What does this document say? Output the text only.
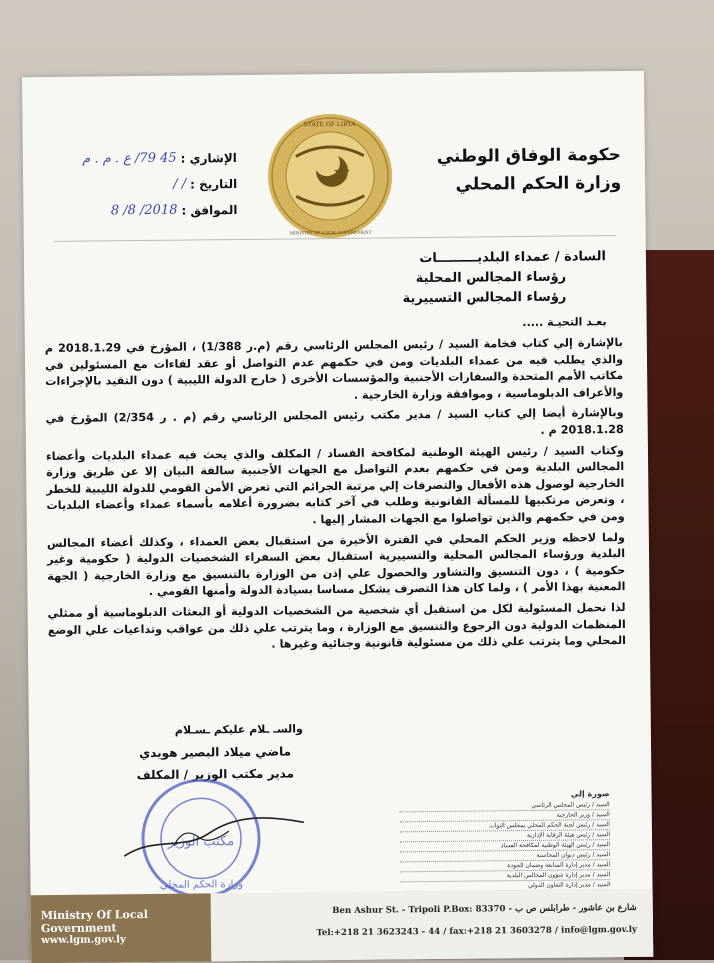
حكومة الوفاق الوطني
وزارة الحكم المحلي
STATE OF LIBYA
MINISTRY OF LOCAL GOVERNMENT
الإشاري :
45 79/ ع . م . م
التاريخ :
/ /
الموافق :
2018/ 8/ 8
السادة / عمداء البلديـــــــــات
رؤساء المجالس المحلية
رؤساء المجالس التسييرية
بعـد التحيـة .....

بالإشارة إلي كتاب فخامة السيد / رئيس المجلس الرئاسي رقم (م.ر 1/388) ، المؤرخ في 2018.1.29 م والذي يطلب فيه من عمداء البلديات ومن في حكمهم عدم التواصل أو عقد لقاءات مع المسئولين في مكاتب الأمم المتحدة والسفارات الأجنبية والمؤسسات الأخرى ( خارج الدولة الليبية ) دون التقيد بالإجراءات والأعراف الدبلوماسية ، وموافقة وزارة الخارجية .

وبالإشارة أيضا إلي كتاب السيد / مدير مكتب رئيس المجلس الرئاسي رقم (م . ر 2/354) المؤرخ في 2018.1.28 م .

وكتاب السيد / رئيس الهيئة الوطنية لمكافحة الفساد / المكلف والذي يحث فيه عمداء البلديات وأعضاء المجالس البلدية ومن في حكمهم بعدم التواصل مع الجهات الأجنبية سالفة البيان إلا عن طريق وزارة الخارجية لوصول هذه الأفعال والتصرفات إلي مرتبة الجرائم التي تعرض الأمن القومي للدولة الليبية للخطر ، وتعرض مرتكبيها للمسألة القانونية وطلب في آخر كتابه بضرورة أعلامه بأسماء عمداء وأعضاء البلديات ومن في حكمهم والذين تواصلوا مع الجهات المشار إليها .

ولما لاحظه وزير الحكم المحلي في الفترة الأخيرة من استقبال بعض العمداء ، وكذلك أعضاء المجالس البلدية ورؤساء المجالس المحلية والتسييرية استقبال بعض السفراء الشخصيات الدولية ( حكومية وغير حكومية ) ، دون التنسيق والتشاور والحصول علي إذن من الوزارة بالتنسيق مع وزارة الخارجية ( الجهة المعنية بهذا الأمر ) ، ولما كان هذا التصرف يشكل مساسا بسيادة الدولة وأمنها القومي .

لذا نحمل المسئولية لكل من استقبل أي شخصية من الشخصيات الدولية أو البعثات الدبلوماسية أو ممثلي المنظمات الدولية دون الرجوع والتنسيق مع الوزارة ، وما يترتب علي ذلك من عواقب وتداعيات علي الوضع المحلي وما يترتب علي ذلك من مسئولية قانونية وجنائية وغيرها .

والسـ ـلام عليكم ـسـلام
ماضي ميلاد البصير هويدي
مدير مكتب الوزير / المكلف
مكتب الوزير
وزارة الحكم المحلي
صورة إلي
السيد / رئيس المجلس الرئاسي
السيد / وزير الخارجية
السيد / رئيس لجنة الحكم المحلي بمجلس النواب
السيد / رئيس هيئة الرقابة الإدارية
السيد / رئيس الهيئة الوطنية لمكافحة الفساد
السيد / رئيس ديوان المحاسبة
السيد / مدير إدارة المتابعة وضمان الجودة
السيد / مدير إدارة شؤون المجالس البلدية
السيد / مدير إدارة التعاون الدولي
Ministry Of Local Government
www.lgm.gov.ly
Ben Ashur St. - Tripoli P.Box: 83370 - شارع بن عاشور - طرابلس ص ب
Tel:+218 21 3623243 - 44 / fax:+218 21 3603278 / info@lgm.gov.ly
